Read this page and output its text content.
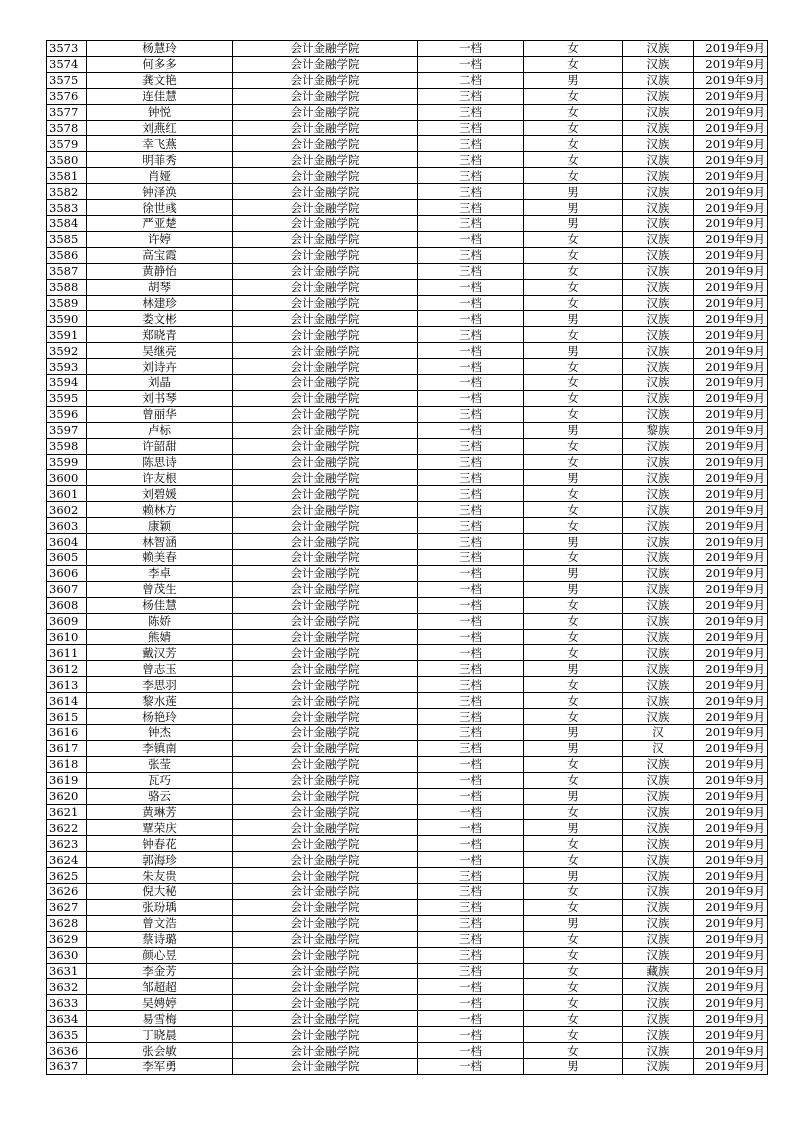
3573	杨慧玲	会计金融学院	一档	女	汉族	2019年9月
3574	何多多	会计金融学院	一档	女	汉族	2019年9月
3575	龚文艳	会计金融学院	二档	男	汉族	2019年9月
3576	连佳慧	会计金融学院	三档	女	汉族	2019年9月
3577	钟悦	会计金融学院	三档	女	汉族	2019年9月
3578	刘燕红	会计金融学院	三档	女	汉族	2019年9月
3579	幸飞燕	会计金融学院	三档	女	汉族	2019年9月
3580	明菲秀	会计金融学院	三档	女	汉族	2019年9月
3581	肖娅	会计金融学院	三档	女	汉族	2019年9月
3582	钟泽涣	会计金融学院	三档	男	汉族	2019年9月
3583	徐世彧	会计金融学院	三档	男	汉族	2019年9月
3584	严亚楚	会计金融学院	三档	男	汉族	2019年9月
3585	许婷	会计金融学院	一档	女	汉族	2019年9月
3586	高宝霞	会计金融学院	三档	女	汉族	2019年9月
3587	黄静怡	会计金融学院	三档	女	汉族	2019年9月
3588	胡琴	会计金融学院	一档	女	汉族	2019年9月
3589	林建珍	会计金融学院	一档	女	汉族	2019年9月
3590	娄文彬	会计金融学院	一档	男	汉族	2019年9月
3591	郑晓青	会计金融学院	三档	女	汉族	2019年9月
3592	吴继亮	会计金融学院	一档	男	汉族	2019年9月
3593	刘诗卉	会计金融学院	一档	女	汉族	2019年9月
3594	刘晶	会计金融学院	一档	女	汉族	2019年9月
3595	刘书琴	会计金融学院	一档	女	汉族	2019年9月
3596	曾丽华	会计金融学院	三档	女	汉族	2019年9月
3597	卢标	会计金融学院	一档	男	黎族	2019年9月
3598	许韶甜	会计金融学院	三档	女	汉族	2019年9月
3599	陈思诗	会计金融学院	三档	女	汉族	2019年9月
3600	许友根	会计金融学院	三档	男	汉族	2019年9月
3601	刘碧媛	会计金融学院	三档	女	汉族	2019年9月
3602	赖林方	会计金融学院	三档	女	汉族	2019年9月
3603	康颖	会计金融学院	三档	女	汉族	2019年9月
3604	林智涵	会计金融学院	三档	男	汉族	2019年9月
3605	赖美春	会计金融学院	三档	女	汉族	2019年9月
3606	李卓	会计金融学院	一档	男	汉族	2019年9月
3607	曾茂生	会计金融学院	一档	男	汉族	2019年9月
3608	杨佳慧	会计金融学院	一档	女	汉族	2019年9月
3609	陈娇	会计金融学院	一档	女	汉族	2019年9月
3610	熊婧	会计金融学院	一档	女	汉族	2019年9月
3611	戴汉芳	会计金融学院	一档	女	汉族	2019年9月
3612	曾志玉	会计金融学院	三档	男	汉族	2019年9月
3613	李思羽	会计金融学院	三档	女	汉族	2019年9月
3614	黎水莲	会计金融学院	三档	女	汉族	2019年9月
3615	杨艳玲	会计金融学院	三档	女	汉族	2019年9月
3616	钟杰	会计金融学院	三档	男	汉	2019年9月
3617	李镇南	会计金融学院	三档	男	汉	2019年9月
3618	张莹	会计金融学院	一档	女	汉族	2019年9月
3619	瓦巧	会计金融学院	一档	女	汉族	2019年9月
3620	骆云	会计金融学院	一档	男	汉族	2019年9月
3621	黄琳芳	会计金融学院	一档	女	汉族	2019年9月
3622	覃荣庆	会计金融学院	一档	男	汉族	2019年9月
3623	钟春花	会计金融学院	一档	女	汉族	2019年9月
3624	郭海珍	会计金融学院	一档	女	汉族	2019年9月
3625	朱友贵	会计金融学院	三档	男	汉族	2019年9月
3626	倪大秘	会计金融学院	三档	女	汉族	2019年9月
3627	张玢瑀	会计金融学院	三档	女	汉族	2019年9月
3628	曾文浩	会计金融学院	三档	男	汉族	2019年9月
3629	蔡诗璐	会计金融学院	三档	女	汉族	2019年9月
3630	颜心昱	会计金融学院	三档	女	汉族	2019年9月
3631	李金芳	会计金融学院	三档	女	藏族	2019年9月
3632	邹超超	会计金融学院	一档	女	汉族	2019年9月
3633	吴娉婷	会计金融学院	一档	女	汉族	2019年9月
3634	易雪梅	会计金融学院	一档	女	汉族	2019年9月
3635	丁晓晨	会计金融学院	一档	女	汉族	2019年9月
3636	张会敏	会计金融学院	一档	女	汉族	2019年9月
3637	李军勇	会计金融学院	一档	男	汉族	2019年9月
